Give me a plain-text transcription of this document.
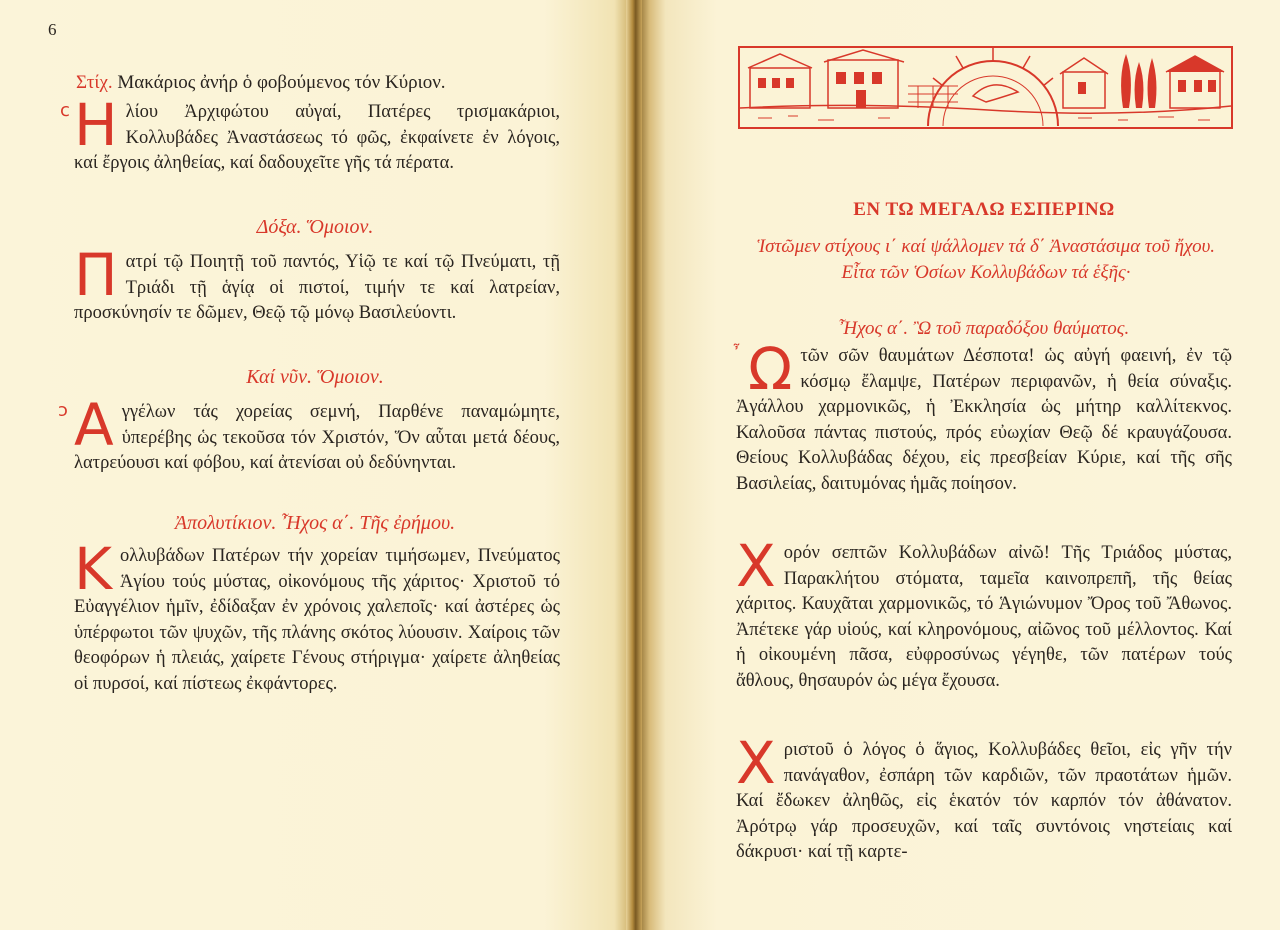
6
Στίχ. Μακάριος ἀνήρ ὁ φοβούμενος τόν Κύριον.
c Η λίου Ἀρχιφώτου αὐγαί, Πατέρες τρισμακάριοι, Κολλυβάδες Ἀναστάσεως τό φῶς, ἐκφαίνετε ἐν λόγοις, καί ἔργοις ἀληθείας, καί δαδουχεῖτε γῆς τά πέρατα.
Δόξα. Ὅμοιον.
Πατρί τῷ Ποιητῇ τοῦ παντός, Υἱῷ τε καί τῷ Πνεύματι, τῇ Τριάδι τῇ ἁγίᾳ οἱ πιστοί, τιμήν τε καί λατρείαν, προσκύνησίν τε δῶμεν, Θεῷ τῷ μόνῳ Βασιλεύοντι.
Καί νῦν. Ὅμοιον.
ͻ Α γγέλων τάς χορείας σεμνή, Παρθένε παναμώμητε, ὑπερέβης ὡς τεκοῦσα τόν Χριστόν, Ὅν αὗται μετά δέους, λατρεύουσι καί φόβου, καί ἀτενίσαι οὐ δεδύνηνται.
Ἀπολυτίκιον. Ἦχος α΄. Τῆς ἐρήμου.
Κολλυβάδων Πατέρων τήν χορείαν τιμήσωμεν, Πνεύματος Ἁγίου τούς μύστας, οἰκονόμους τῆς χάριτος· Χριστοῦ τό Εὐαγγέλιον ἡμῖν, ἐδίδαξαν ἐν χρόνοις χαλεποῖς· καί ἀστέρες ὡς ὑπέρφωτοι τῶν ψυχῶν, τῆς πλάνης σκότος λύουσιν. Χαίροις τῶν θεοφόρων ἡ πλειάς, χαίρετε Γένους στήριγμα· χαίρετε ἀληθείας οἱ πυρσοί, καί πίστεως ἐκφάντορες.
ΕΝ ΤΩ ΜΕΓΑΛΩ ΕΣΠΕΡΙΝΩ
Ἱστῶμεν στίχους ι΄ καί ψάλλομεν τά δ΄ Ἀναστάσιμα τοῦ ἤχου. Εἶτα τῶν Ὁσίων Κολλυβάδων τά ἑξῆς·
Ἦχος α΄. Ὢ τοῦ παραδόξου θαύματος.
῏ Ω τῶν σῶν θαυμάτων Δέσποτα! ὡς αὐγή φαεινή, ἐν τῷ κόσμῳ ἔλαμψε, Πατέρων περιφανῶν, ἡ θεία σύναξις. Ἀγάλλου χαρμονικῶς, ἡ Ἐκκλησία ὡς μήτηρ καλλίτεκνος. Καλοῦσα πάντας πιστούς, πρός εὐωχίαν Θεῷ δέ κραυγάζουσα. Θείους Κολλυβάδας δέχου, εἰς πρεσβείαν Κύριε, καί τῆς σῆς Βασιλείας, δαιτυμόνας ἡμᾶς ποίησον.
Χορόν σεπτῶν Κολλυβάδων αἰνῶ! Τῆς Τριάδος μύστας, Παρακλήτου στόματα, ταμεῖα καινοπρεπῆ, τῆς θείας χάριτος. Καυχᾶται χαρμονικῶς, τό Ἁγιώνυμον Ὄρος τοῦ Ἄθωνος. Ἀπέτεκε γάρ υἱούς, καί κληρονόμους, αἰῶνος τοῦ μέλλοντος. Καί ἡ οἰκουμένη πᾶσα, εὐφροσύνως γέγηθε, τῶν πατέρων τούς ἄθλους, θησαυρόν ὡς μέγα ἔχουσα.
Χριστοῦ ὁ λόγος ὁ ἅγιος, Κολλυβάδες θεῖοι, εἰς γῆν τήν πανάγαθον, ἐσπάρη τῶν καρδιῶν, τῶν πραοτάτων ἡμῶν. Καί ἔδωκεν ἀληθῶς, εἰς ἑκατόν τόν καρπόν τόν ἀθάνατον. Ἀρότρῳ γάρ προσευχῶν, καί ταῖς συντόνοις νηστείαις καί δάκρυσι· καί τῇ καρτε-
